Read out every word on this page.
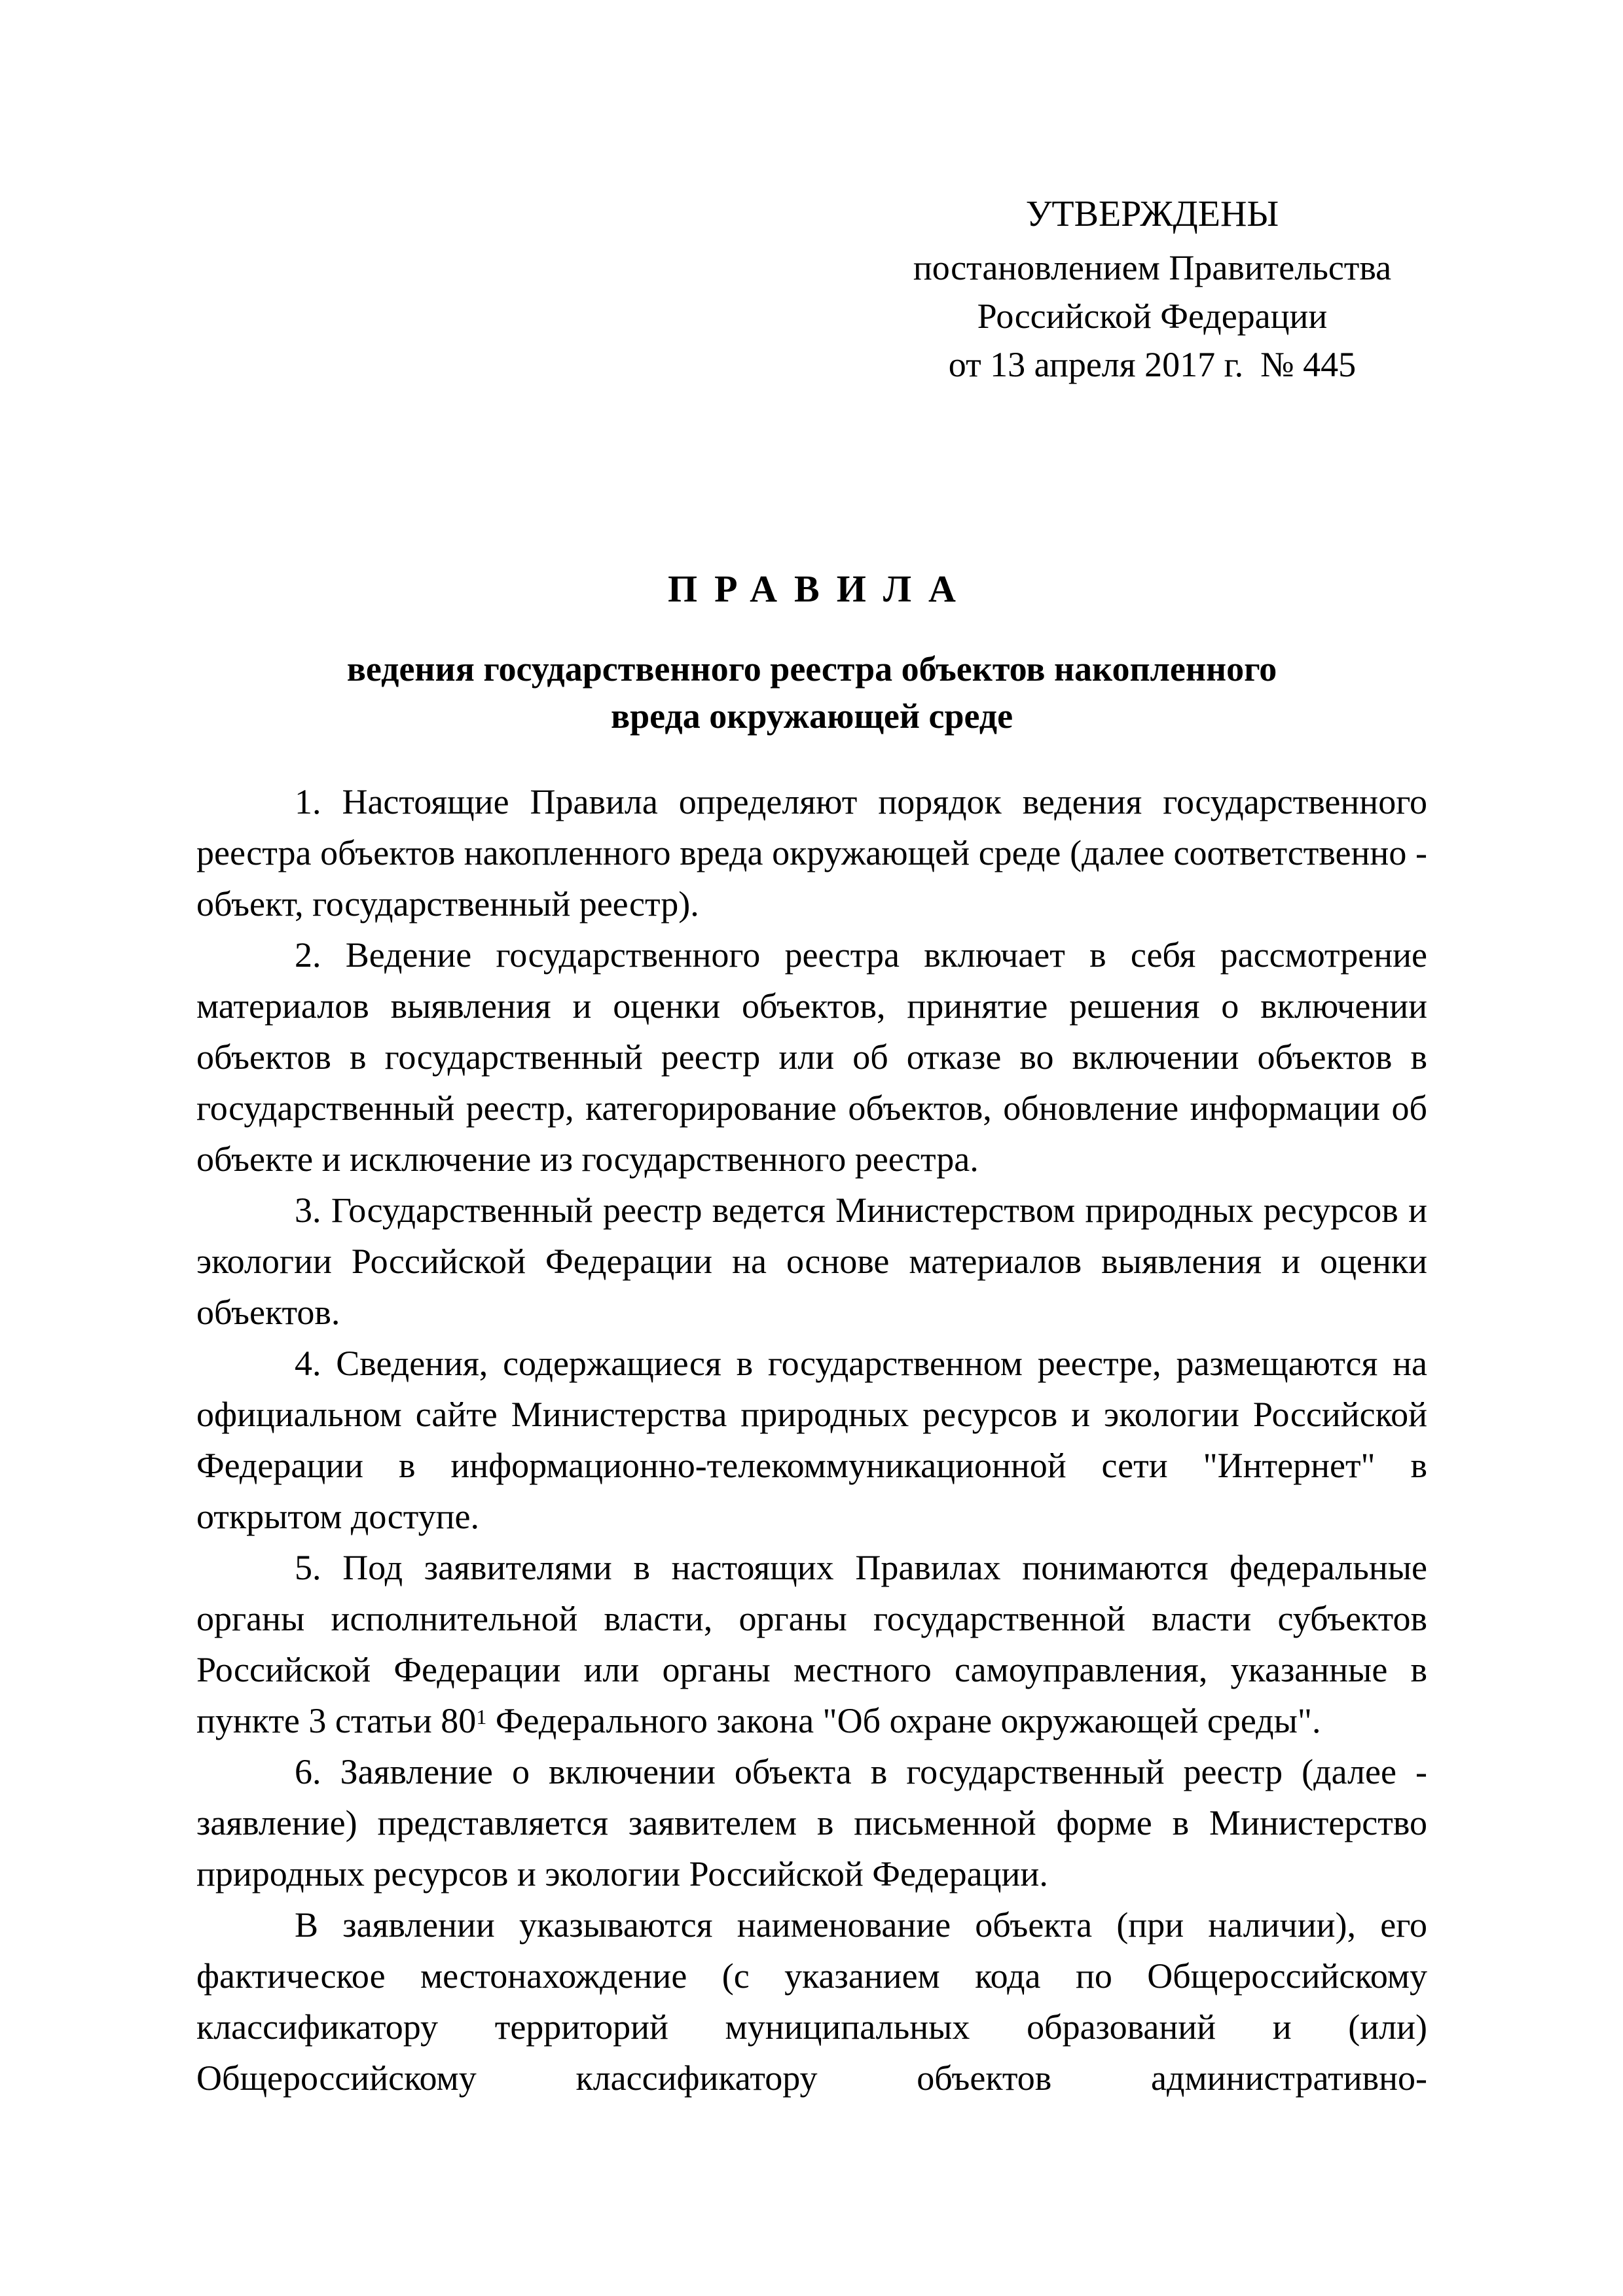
УТВЕРЖДЕНЫ
постановлением Правительства
Российской Федерации
от 13 апреля 2017 г. № 445
ПРАВИЛА
ведения государственного реестра объектов накопленного
вреда окружающей среде

1. Настоящие Правила определяют порядок ведения государственного реестра объектов накопленного вреда окружающей среде (далее соответственно - объект, государственный реестр).

2. Ведение государственного реестра включает в себя рассмотрение материалов выявления и оценки объектов, принятие решения о включении объектов в государственный реестр или об отказе во включении объектов в государственный реестр, категорирование объектов, обновление информации об объекте и исключение из государственного реестра.

3. Государственный реестр ведется Министерством природных ресурсов и экологии Российской Федерации на основе материалов выявления и оценки объектов.

4. Сведения, содержащиеся в государственном реестре, размещаются на официальном сайте Министерства природных ресурсов и экологии Российской Федерации в информационно-телекоммуникационной сети "Интернет" в открытом доступе.

5. Под заявителями в настоящих Правилах понимаются федеральные органы исполнительной власти, органы государственной власти субъектов Российской Федерации или органы местного самоуправления, указанные в пункте 3 статьи $80^1$ Федерального закона "Об охране окружающей среды".

6. Заявление о включении объекта в государственный реестр (далее - заявление) представляется заявителем в письменной форме в Министерство природных ресурсов и экологии Российской Федерации.

В заявлении указываются наименование объекта (при наличии), его фактическое местонахождение (с указанием кода по Общероссийскому классификатору территорий муниципальных образований и (или) Общероссийскому классификатору объектов административно-
